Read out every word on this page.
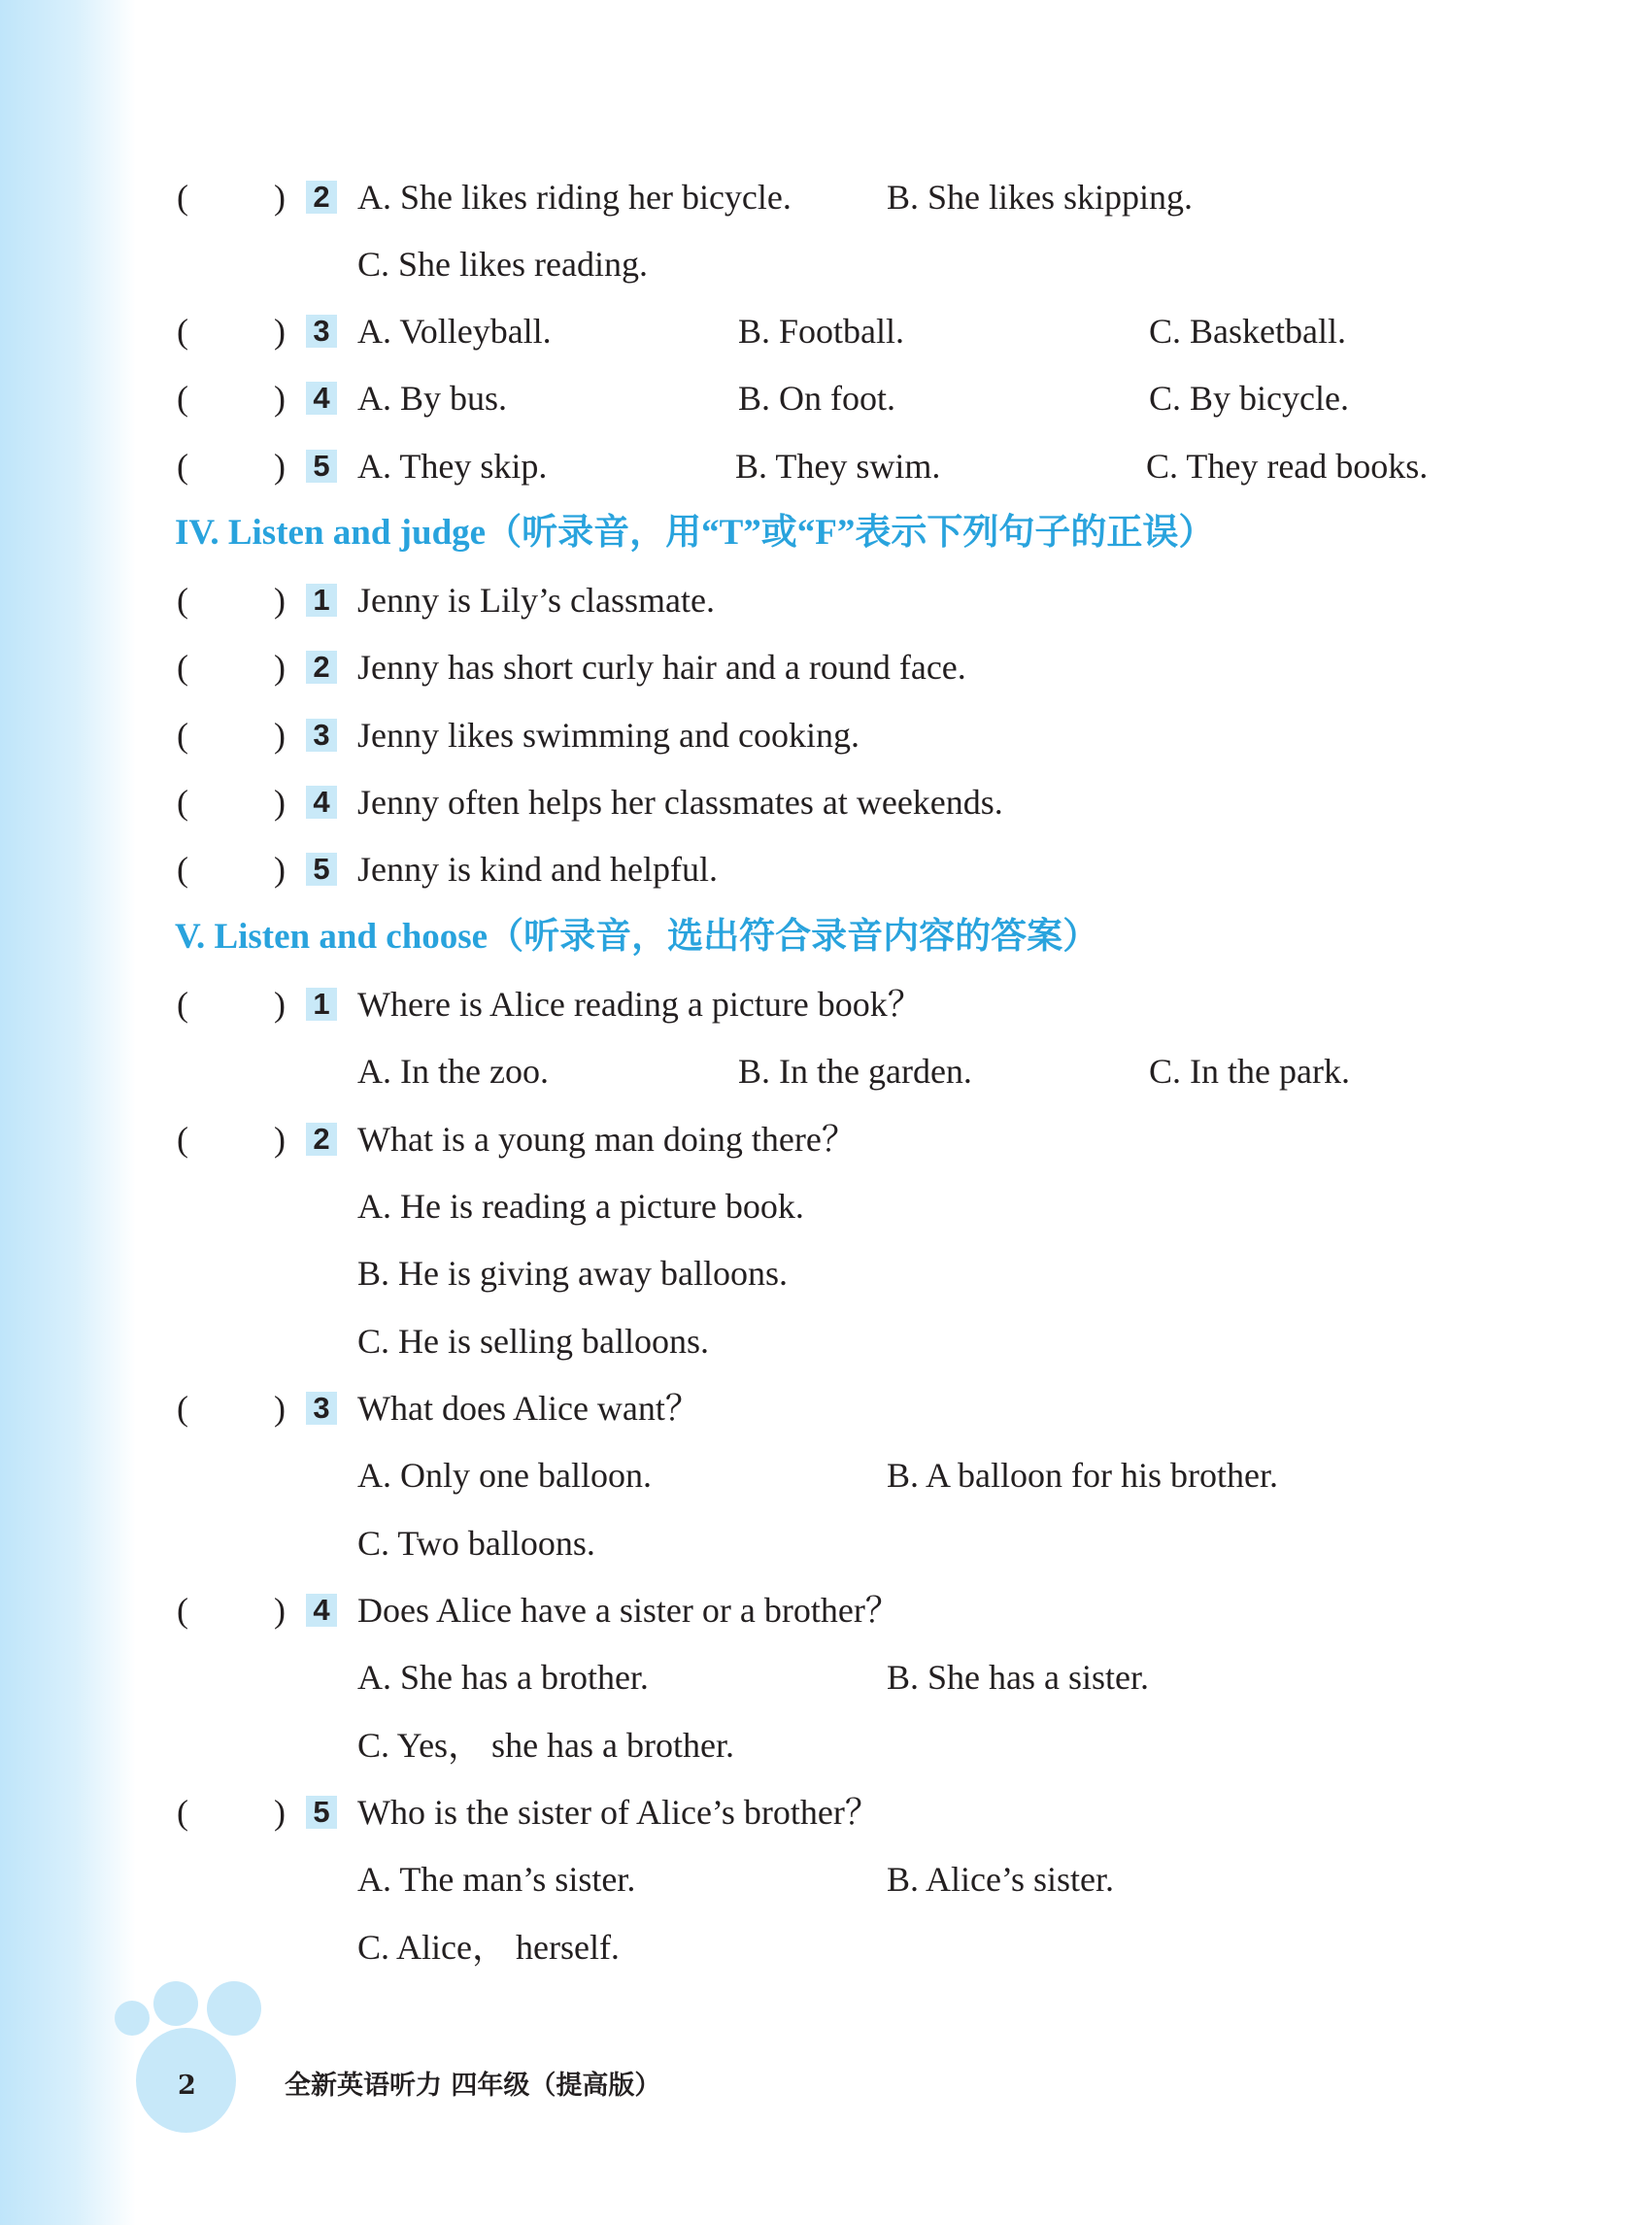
( ) 2 A. She likes riding her bicycle.	B. She likes skipping.
C. She likes reading.
( ) 3 A. Volleyball.	B. Football.	C. Basketball.
( ) 4 A. By bus.	B. On foot.	C. By bicycle.
( ) 5 A. They skip.	B. They swim.	C. They read books.
IV. Listen and judge（听录音，用“T”或“F”表示下列句子的正误）
( ) 1 Jenny is Lily’s classmate.
( ) 2 Jenny has short curly hair and a round face.
( ) 3 Jenny likes swimming and cooking.
( ) 4 Jenny often helps her classmates at weekends.
( ) 5 Jenny is kind and helpful.
V. Listen and choose（听录音，选出符合录音内容的答案）
( ) 1 Where is Alice reading a picture book？
A. In the zoo.	B. In the garden.	C. In the park.
( ) 2 What is a young man doing there？
A. He is reading a picture book.
B. He is giving away balloons.
C. He is selling balloons.
( ) 3 What does Alice want？
A. Only one balloon.	B. A balloon for his brother.
C. Two balloons.
( ) 4 Does Alice have a sister or a brother？
A. She has a brother.	B. She has a sister.
C. Yes， she has a brother.
( ) 5 Who is the sister of Alice’s brother？
A. The man’s sister.	B. Alice’s sister.
C. Alice， herself.
2	全新英语听力 四年级（提高版）
